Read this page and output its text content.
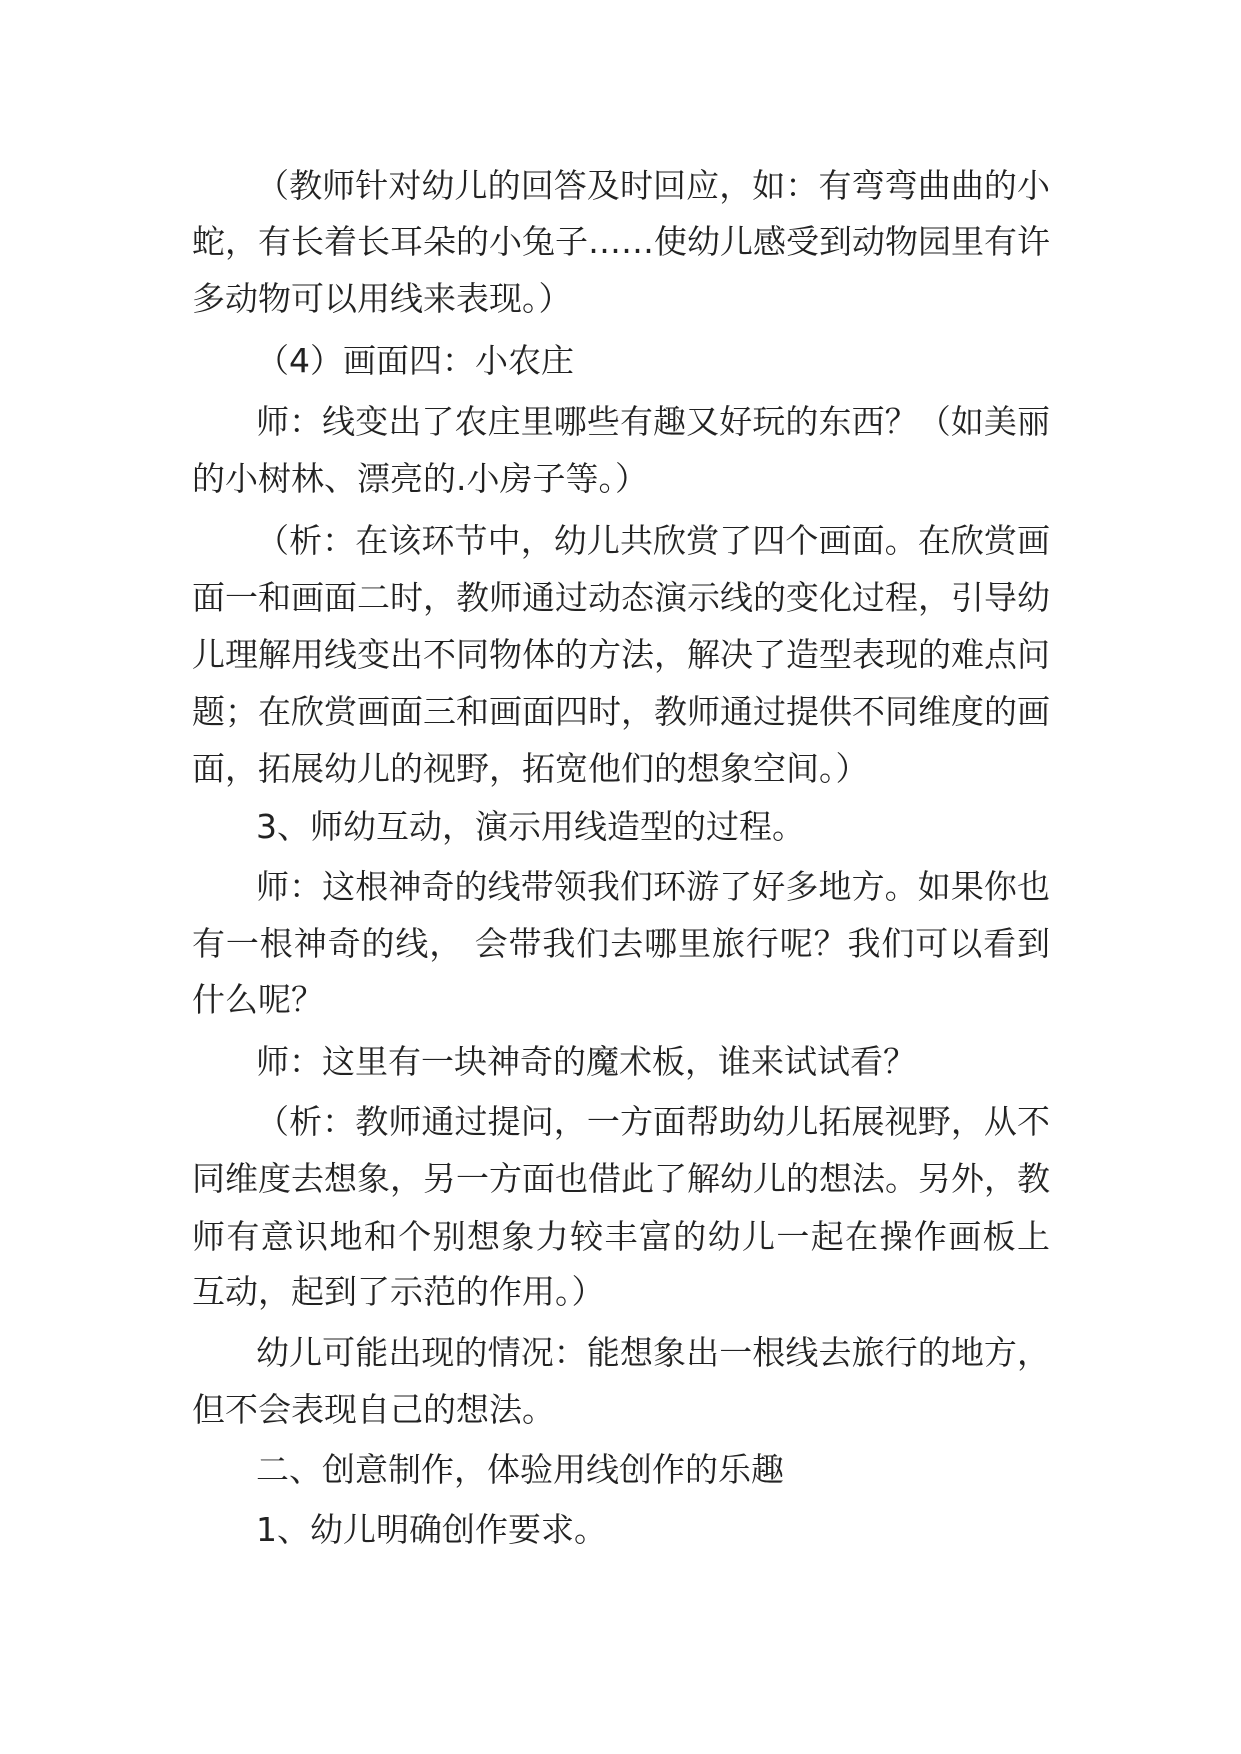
（教师针对幼儿的回答及时回应，如：有弯弯曲曲的小

蛇，有长着长耳朵的小兔子……使幼儿感受到动物园里有许

多动物可以用线来表现。）

（4）画面四：小农庄

师：线变出了农庄里哪些有趣又好玩的东西？（如美丽

的小树林、漂亮的.小房子等。）

（析：在该环节中，幼儿共欣赏了四个画面。在欣赏画

面一和画面二时，教师通过动态演示线的变化过程，引导幼

儿理解用线变出不同物体的方法，解决了造型表现的难点问

题；在欣赏画面三和画面四时，教师通过提供不同维度的画

面，拓展幼儿的视野，拓宽他们的想象空间。）

3、师幼互动，演示用线造型的过程。

师：这根神奇的线带领我们环游了好多地方。如果你也

有一根神奇的线， 会带我们去哪里旅行呢？我们可以看到

什么呢？

师：这里有一块神奇的魔术板，谁来试试看？

（析：教师通过提问，一方面帮助幼儿拓展视野，从不

同维度去想象，另一方面也借此了解幼儿的想法。另外，教

师有意识地和个别想象力较丰富的幼儿一起在操作画板上

互动，起到了示范的作用。）

幼儿可能出现的情况：能想象出一根线去旅行的地方，

但不会表现自己的想法。

二、创意制作，体验用线创作的乐趣

1、幼儿明确创作要求。
